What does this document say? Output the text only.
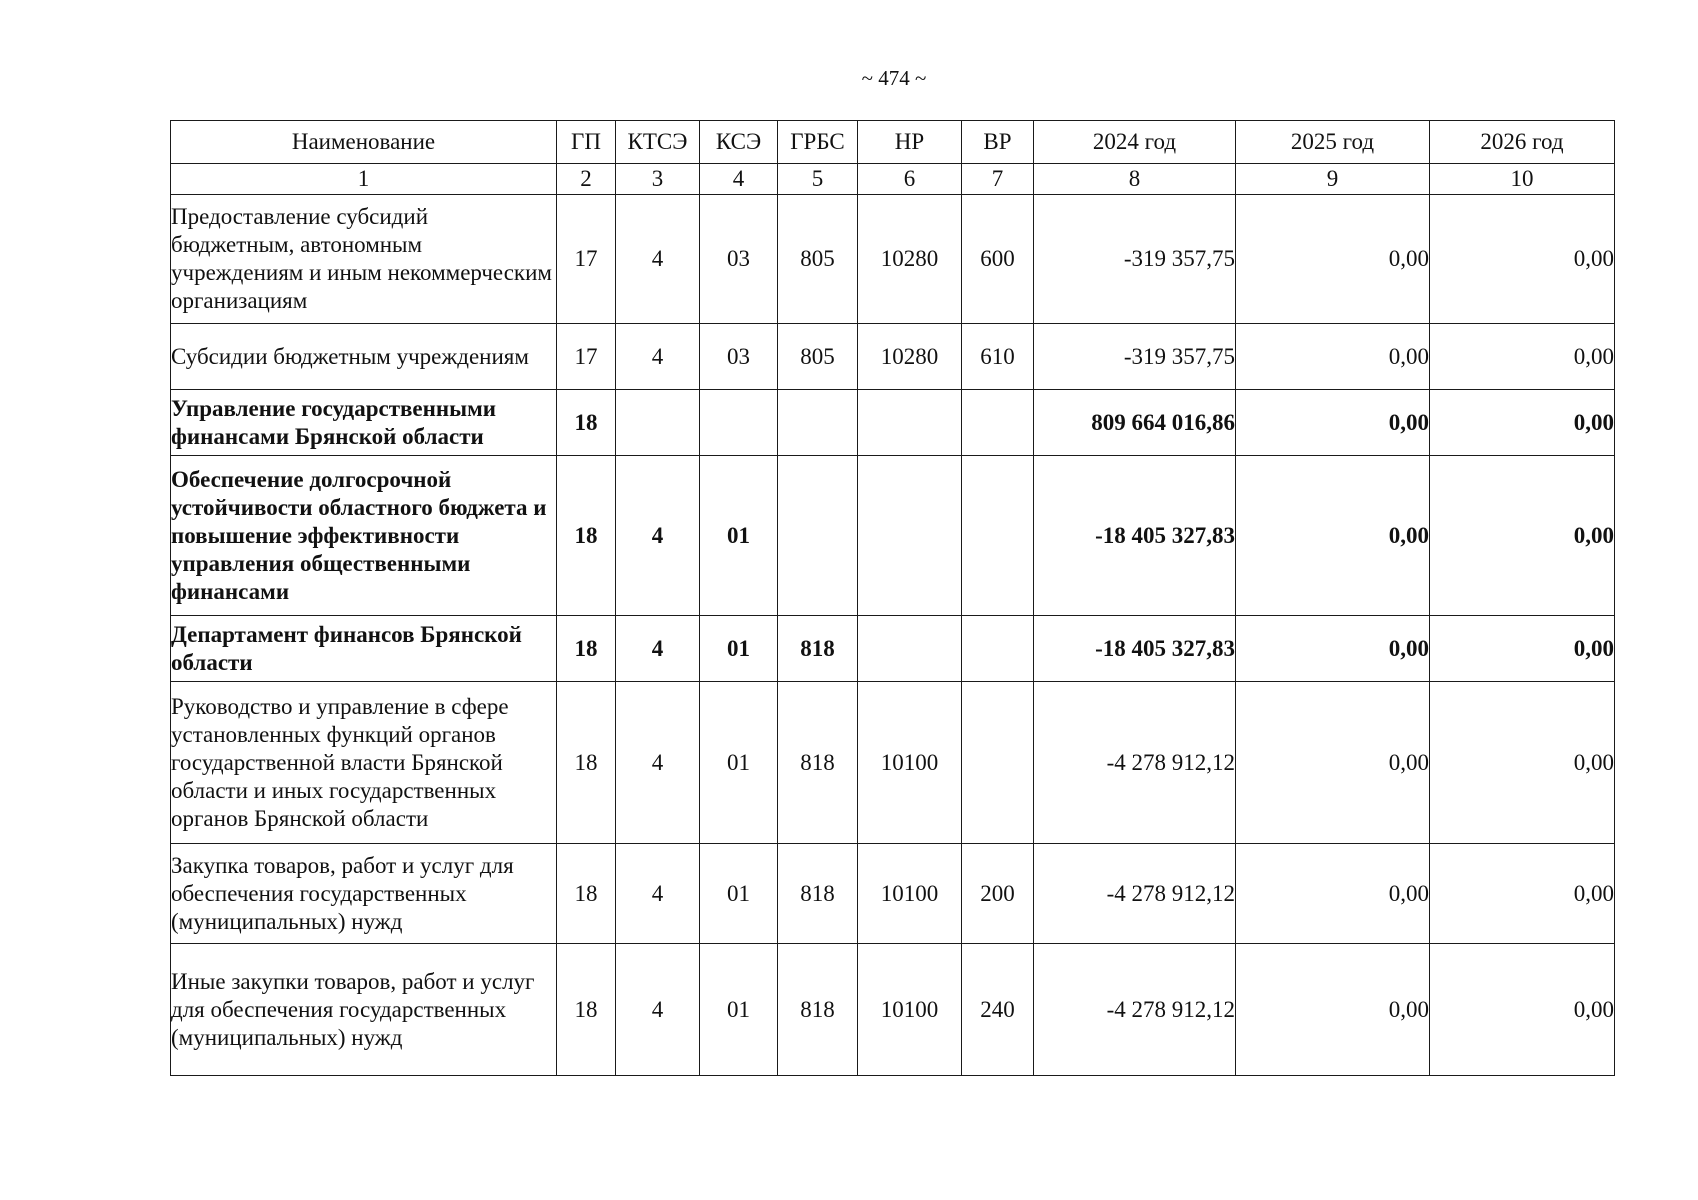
~ 474 ~
Наименование	ГП	КТСЭ	КСЭ	ГРБС	НР	ВР	2024 год	2025 год	2026 год
1	2	3	4	5	6	7	8	9	10
Предоставление субсидий бюджетным, автономным учреждениям и иным некоммерческим организациям	17	4	03	805	10280	600	-319 357,75	0,00	0,00
Субсидии бюджетным учреждениям	17	4	03	805	10280	610	-319 357,75	0,00	0,00
Управление государственными финансами Брянской области	18						809 664 016,86	0,00	0,00
Обеспечение долгосрочной устойчивости областного бюджета и повышение эффективности управления общественными финансами	18	4	01				-18 405 327,83	0,00	0,00
Департамент финансов Брянской области	18	4	01	818			-18 405 327,83	0,00	0,00
Руководство и управление в сфере установленных функций органов государственной власти Брянской области и иных государственных органов Брянской области	18	4	01	818	10100		-4 278 912,12	0,00	0,00
Закупка товаров, работ и услуг для обеспечения государственных (муниципальных) нужд	18	4	01	818	10100	200	-4 278 912,12	0,00	0,00
Иные закупки товаров, работ и услуг для обеспечения государственных (муниципальных) нужд	18	4	01	818	10100	240	-4 278 912,12	0,00	0,00
